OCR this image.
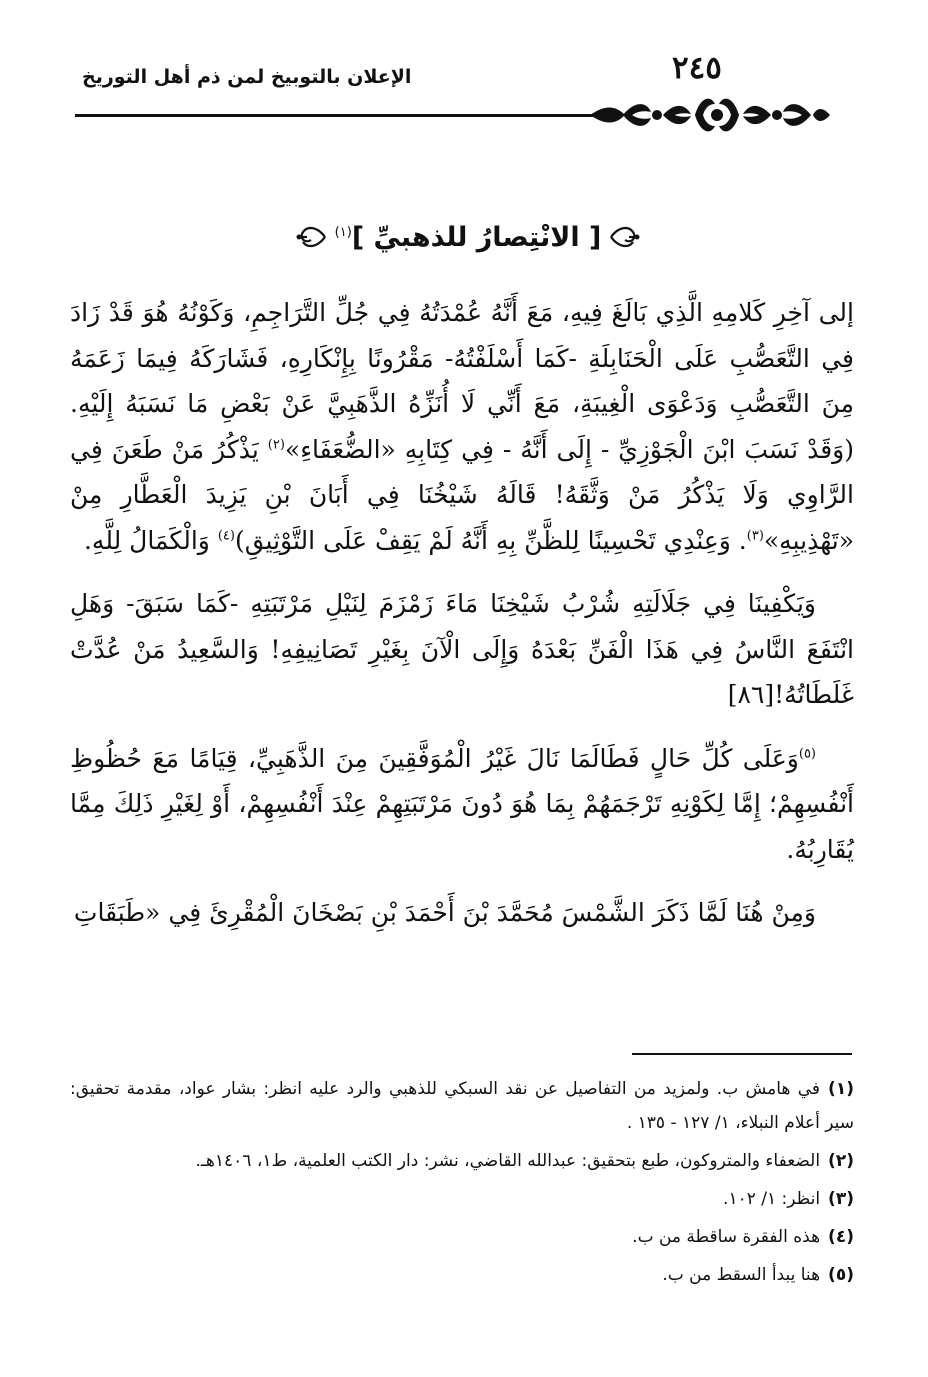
الإعلان بالتوبيخ لمن ذم أهل التوريخ	٢٤٥
[ الانْتِصارُ للذهبيِّ ]$^{(١)}$

إلى آخِرِ كَلامِهِ الَّذِي بَالَغَ فِيهِ، مَعَ أَنَّهُ عُمْدَتُهُ فِي جُلِّ التَّرَاجِمِ، وَكَوْنُهُ هُوَ قَدْ زَادَ فِي التَّعَصُّبِ عَلَى الْحَنَابِلَةِ -كَمَا أَسْلَفْتُهُ- مَقْرُونًا بِإِنْكَارِهِ، فَشَارَكَهُ فِيمَا زَعَمَهُ مِنَ التَّعَصُّبِ وَدَعْوَى الْغِيبَةِ، مَعَ أَنِّي لَا أُنَزِّهُ الذَّهَبِيَّ عَنْ بَعْضِ مَا نَسَبَهُ إِلَيْهِ. (وَقَدْ نَسَبَ ابْنَ الْجَوْزِيِّ - إِلَى أَنَّهُ - فِي كِتَابِهِ «الضُّعَفَاءِ»$^{(٢)}$ يَذْكُرُ مَنْ طَعَنَ فِي الرَّاوِي وَلَا يَذْكُرُ مَنْ وَثَّقَهُ! قَالَهُ شَيْخُنَا فِي أَبَانَ بْنِ يَزِيدَ الْعَطَّارِ مِنْ «تَهْذِيبِهِ»$^{(٣)}$. وَعِنْدِي تَحْسِينًا لِلظَّنِّ بِهِ أَنَّهُ لَمْ يَقِفْ عَلَى التَّوْثِيقِ)$^{(٤)}$ وَالْكَمَالُ لِلَّهِ.

وَيَكْفِينَا فِي جَلَالَتِهِ شُرْبُ شَيْخِنَا مَاءَ زَمْزَمَ لِنَيْلِ مَرْتَبَتِهِ -كَمَا سَبَقَ- وَهَلِ انْتَفَعَ النَّاسُ فِي هَذَا الْفَنِّ بَعْدَهُ وَإِلَى الْآنَ بِغَيْرِ تَصَانِيفِهِ! وَالسَّعِيدُ مَنْ عُدَّتْ غَلَطَاتُهُ![٨٦]

$^{(٥)}$وَعَلَى كُلِّ حَالٍ فَطَالَمَا نَالَ غَيْرُ الْمُوَفَّقِينَ مِنَ الذَّهَبِيِّ، قِيَامًا مَعَ حُظُوظِ أَنْفُسِهِمْ؛ إِمَّا لِكَوْنِهِ تَرْجَمَهُمْ بِمَا هُوَ دُونَ مَرْتَبَتِهِمْ عِنْدَ أَنْفُسِهِمْ، أَوْ لِغَيْرِ ذَلِكَ مِمَّا يُقَارِبُهُ.

وَمِنْ هُنَا لَمَّا ذَكَرَ الشَّمْسَ مُحَمَّدَ بْنَ أَحْمَدَ بْنِ بَصْخَانَ الْمُقْرِئَ فِي «طَبَقَاتِ

(١)في هامش ب. ولمزيد من التفاصيل عن نقد السبكي للذهبي والرد عليه انظر: بشار عواد، مقدمة تحقيق: سير أعلام النبلاء، ١/ ١٢٧ - ١٣٥ .
(٢)الضعفاء والمتروكون، طبع بتحقيق: عبدالله القاضي، نشر: دار الكتب العلمية، ط١، ١٤٠٦هـ.
(٣)انظر: ١/ ١٠٢.
(٤)هذه الفقرة ساقطة من ب.
(٥)هنا يبدأ السقط من ب.
